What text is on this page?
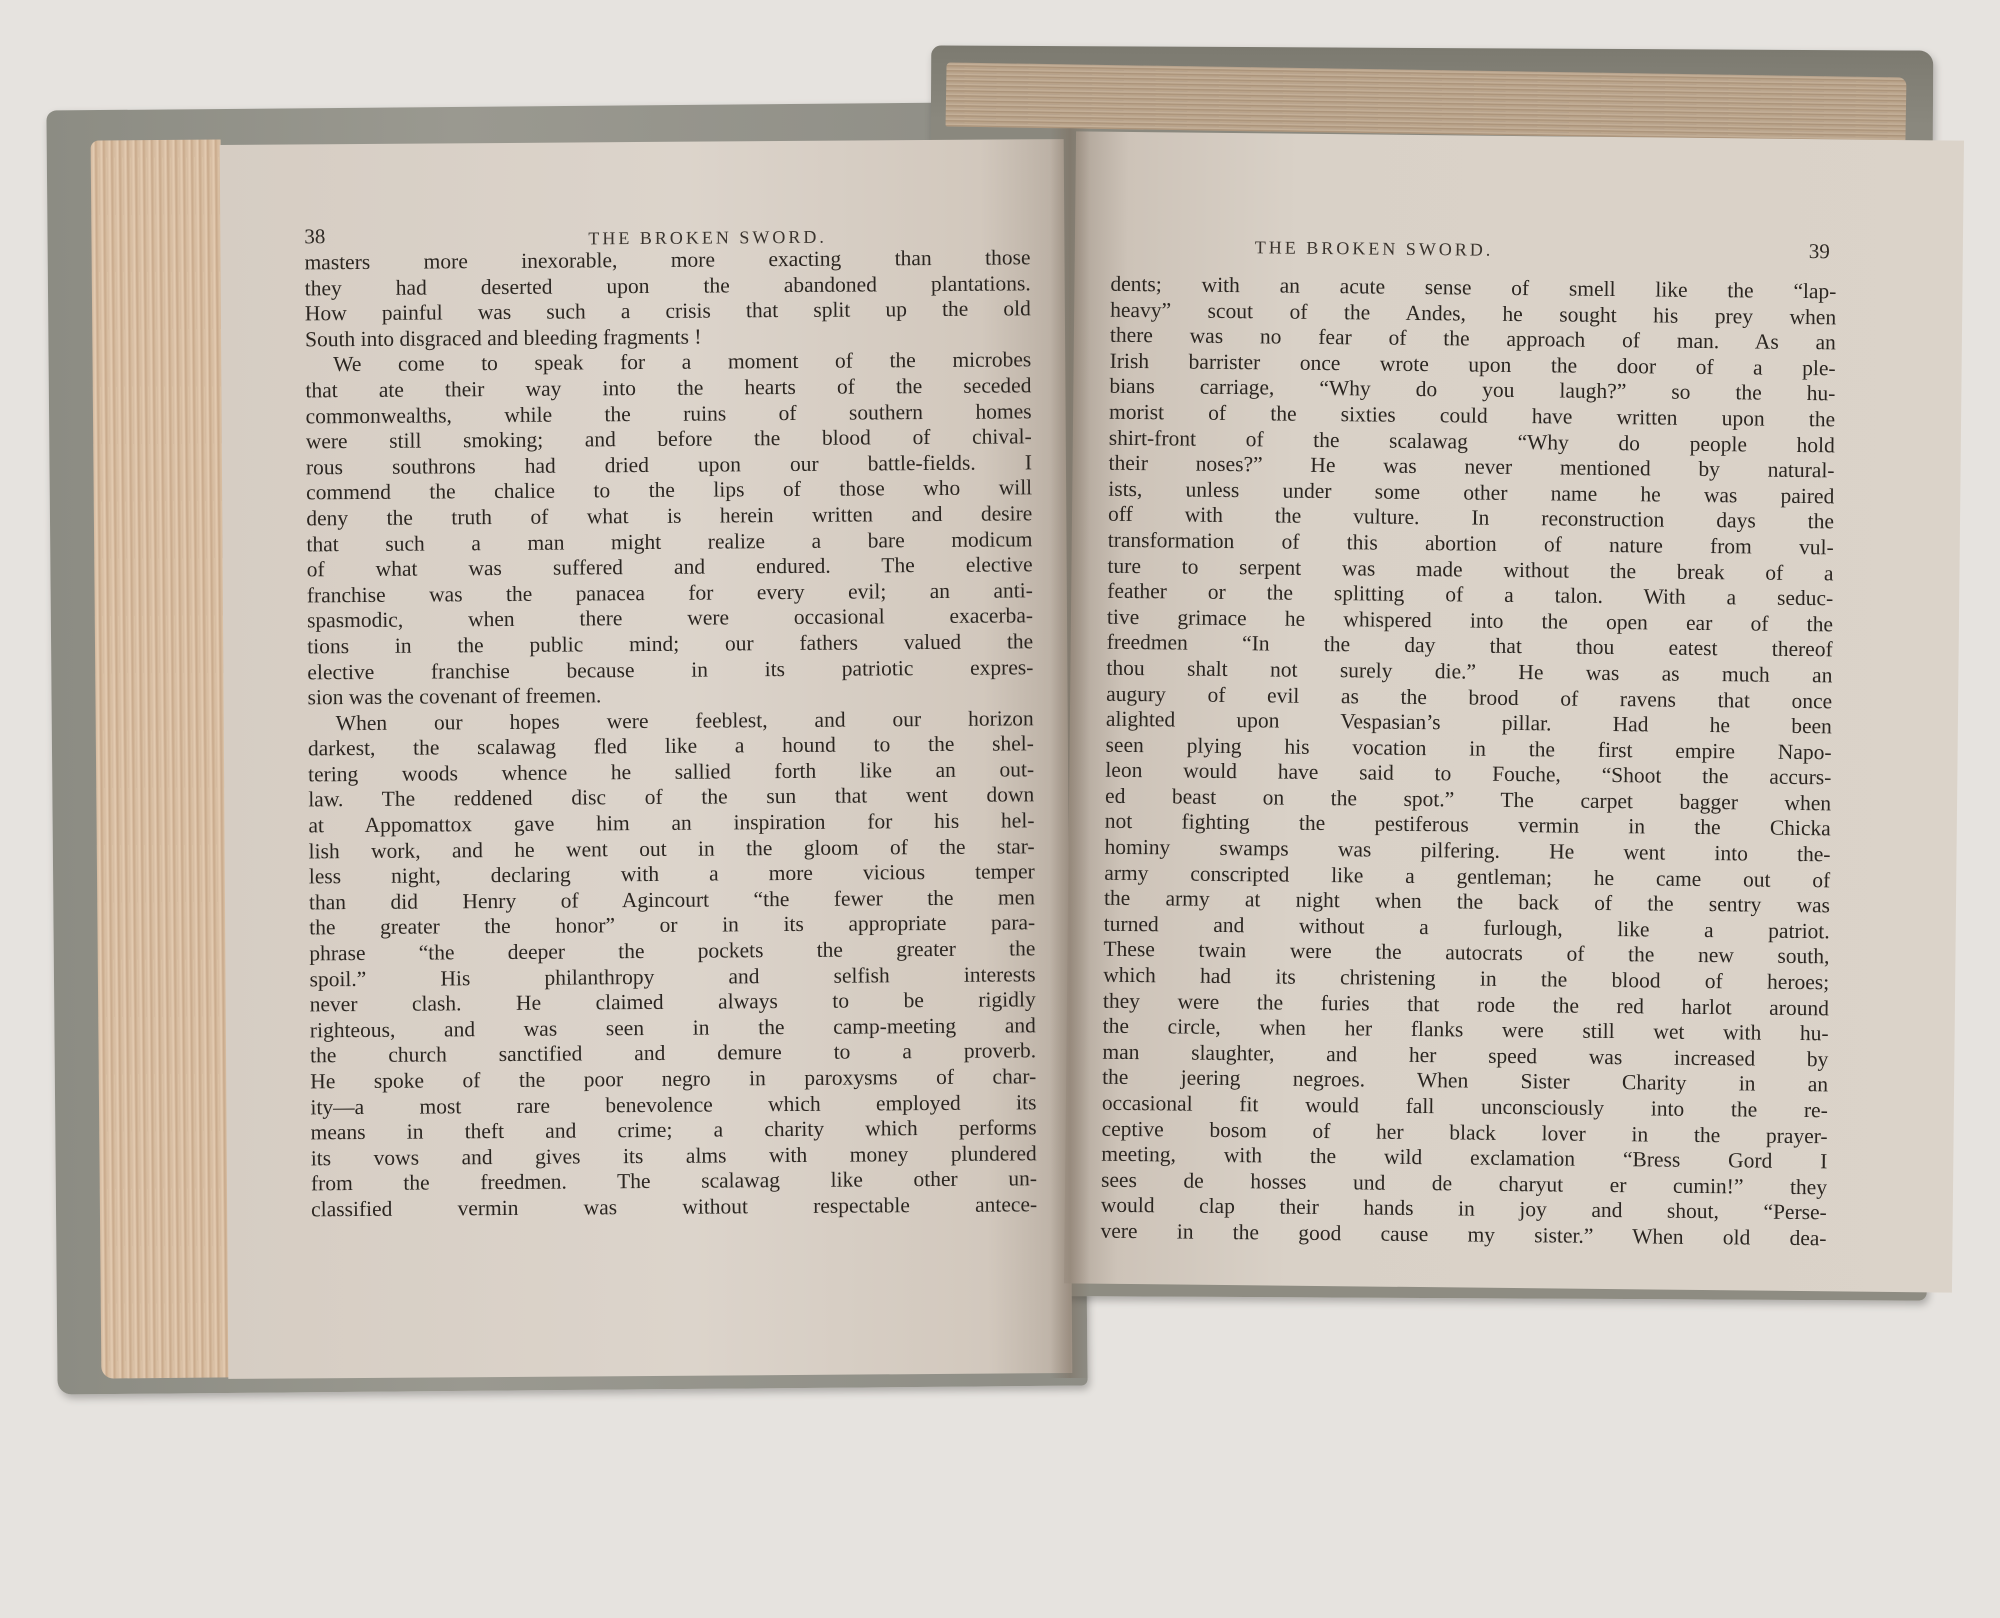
38	THE BROKEN SWORD.
masters more inexorable, more exacting than those
they had deserted upon the abandoned plantations.
How painful was such a crisis that split up the old
South into disgraced and bleeding fragments !
We come to speak for a moment of the microbes
that ate their way into the hearts of the seceded
commonwealths, while the ruins of southern homes
were still smoking; and before the blood of chival-
rous southrons had dried upon our battle-fields. I
commend the chalice to the lips of those who will
deny the truth of what is herein written and desire
that such a man might realize a bare modicum
of what was suffered and endured. The elective
franchise was the panacea for every evil; an anti-
spasmodic, when there were occasional exacerba-
tions in the public mind; our fathers valued the
elective franchise because in its patriotic expres-
sion was the covenant of freemen.
When our hopes were feeblest, and our horizon
darkest, the scalawag fled like a hound to the shel-
tering woods whence he sallied forth like an out-
law. The reddened disc of the sun that went down
at Appomattox gave him an inspiration for his hel-
lish work, and he went out in the gloom of the star-
less night, declaring with a more vicious temper
than did Henry of Agincourt “the fewer the men
the greater the honor” or in its appropriate para-
phrase “the deeper the pockets the greater the
spoil.” His philanthropy and selfish interests
never clash. He claimed always to be rigidly
righteous, and was seen in the camp-meeting and
the church sanctified and demure to a proverb.
He spoke of the poor negro in paroxysms of char-
ity—a most rare benevolence which employed its
means in theft and crime; a charity which performs
its vows and gives its alms with money plundered
from the freedmen. The scalawag like other un-
classified vermin was without respectable antece-
THE BROKEN SWORD.	39
dents; with an acute sense of smell like the “lap-
heavy” scout of the Andes, he sought his prey when
there was no fear of the approach of man. As an
Irish barrister once wrote upon the door of a ple-
bians carriage, “Why do you laugh?” so the hu-
morist of the sixties could have written upon the
shirt-front of the scalawag “Why do people hold
their noses?” He was never mentioned by natural-
ists, unless under some other name he was paired
off with the vulture. In reconstruction days the
transformation of this abortion of nature from vul-
ture to serpent was made without the break of a
feather or the splitting of a talon. With a seduc-
tive grimace he whispered into the open ear of the
freedmen “In the day that thou eatest thereof
thou shalt not surely die.” He was as much an
augury of evil as the brood of ravens that once
alighted upon Vespasian’s pillar. Had he been
seen plying his vocation in the first empire Napo-
leon would have said to Fouche, “Shoot the accurs-
ed beast on the spot.” The carpet bagger when
not fighting the pestiferous vermin in the Chicka
hominy swamps was pilfering. He went into the-
army conscripted like a gentleman; he came out of
the army at night when the back of the sentry was
turned and without a furlough, like a patriot.
These twain were the autocrats of the new south,
which had its christening in the blood of heroes;
they were the furies that rode the red harlot around
the circle, when her flanks were still wet with hu-
man slaughter, and her speed was increased by
the jeering negroes. When Sister Charity in an
occasional fit would fall unconsciously into the re-
ceptive bosom of her black lover in the prayer-
meeting, with the wild exclamation “Bress Gord I
sees de hosses und de charyut er cumin!” they
would clap their hands in joy and shout, “Perse-
vere in the good cause my sister.” When old dea-
